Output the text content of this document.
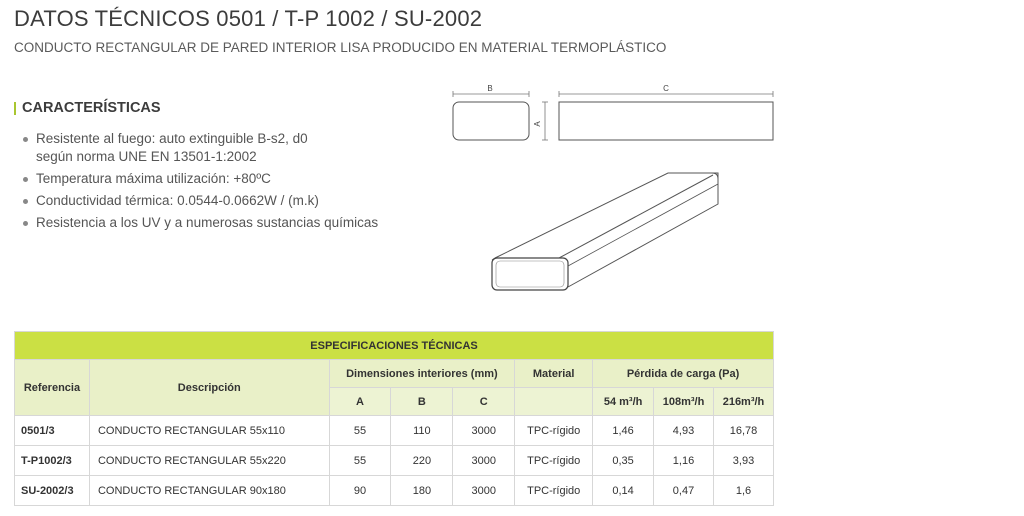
DATOS TÉCNICOS 0501 / T-P 1002 / SU-2002

CONDUCTO RECTANGULAR DE PARED INTERIOR LISA PRODUCIDO EN MATERIAL TERMOPLÁSTICO

CARACTERÍSTICAS
Resistente al fuego: auto extinguible B-s2, d0
según norma UNE EN 13501-1:2002
Temperatura máxima utilización: +80ºC
Conductividad térmica: 0.0544-0.0662W / (m.k)
Resistencia a los UV y a numerosas sustancias químicas
B
A
C
ESPECIFICACIONES TÉCNICAS								
Referencia	Descripción	Dimensiones interiores (mm)			Material	Pérdida de carga (Pa)		
		A	B	C		54 m³/h	108m³/h	216m³/h
0501/3	CONDUCTO RECTANGULAR 55x110	55	110	3000	TPC-rígido	1,46	4,93	16,78
T-P1002/3	CONDUCTO RECTANGULAR 55x220	55	220	3000	TPC-rígido	0,35	1,16	3,93
SU-2002/3	CONDUCTO RECTANGULAR 90x180	90	180	3000	TPC-rígido	0,14	0,47	1,6
